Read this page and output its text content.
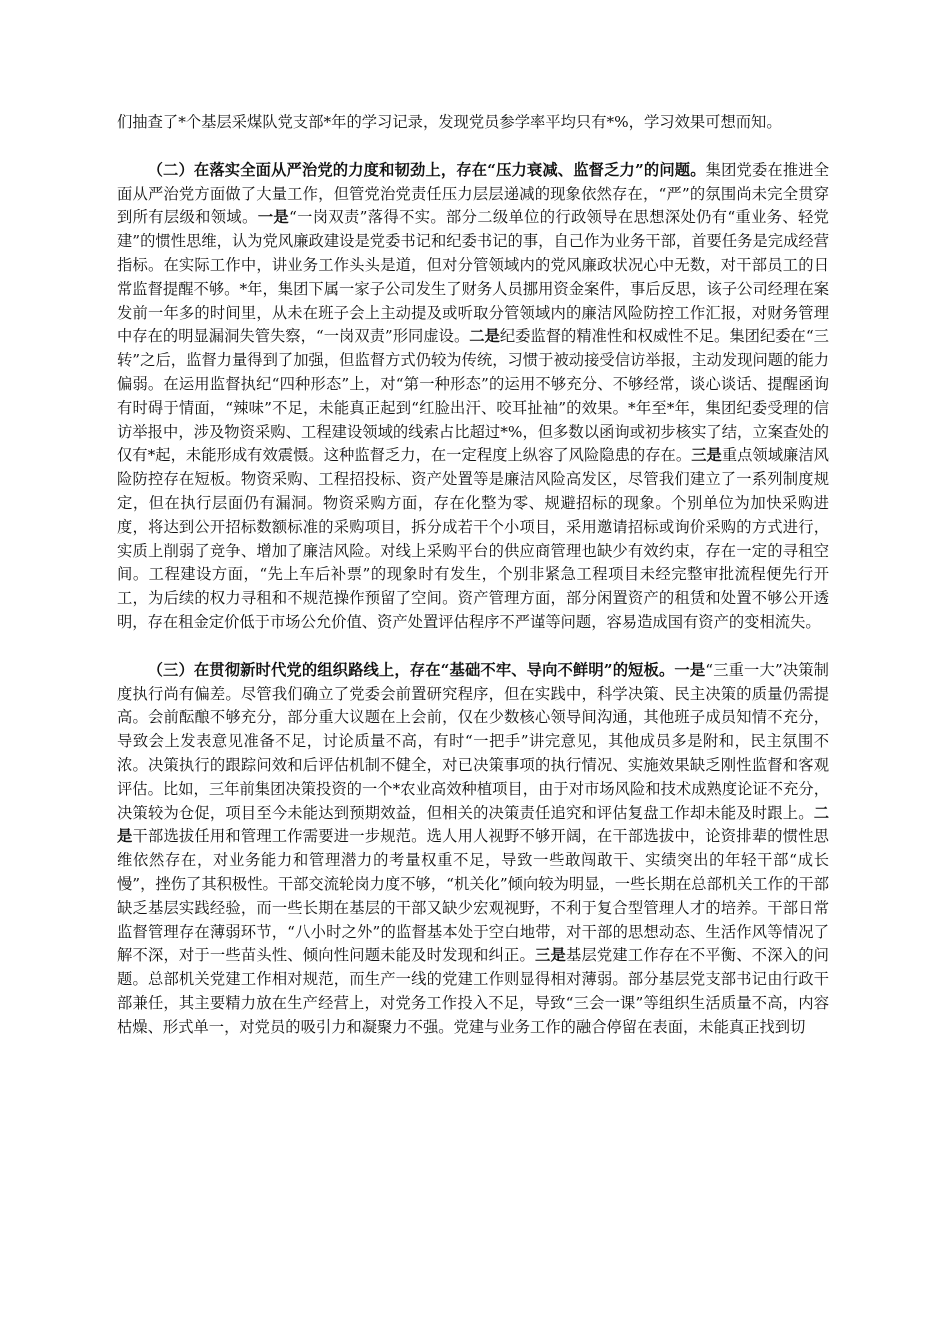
们抽查了*个基层采煤队党支部*年的学习记录，发现党员参学率平均只有*%，学习效果可想而知。

（二）在落实全面从严治党的力度和韧劲上，存在“压力衰减、监督乏力”的问题。集团党委在推进全面从严治党方面做了大量工作，但管党治党责任压力层层递减的现象依然存在，“严”的氛围尚未完全贯穿到所有层级和领域。一是“一岗双责”落得不实。部分二级单位的行政领导在思想深处仍有“重业务、轻党建”的惯性思维，认为党风廉政建设是党委书记和纪委书记的事，自己作为业务干部，首要任务是完成经营指标。在实际工作中，讲业务工作头头是道，但对分管领域内的党风廉政状况心中无数，对干部员工的日常监督提醒不够。*年，集团下属一家子公司发生了财务人员挪用资金案件，事后反思，该子公司经理在案发前一年多的时间里，从未在班子会上主动提及或听取分管领域内的廉洁风险防控工作汇报，对财务管理中存在的明显漏洞失管失察，“一岗双责”形同虚设。二是纪委监督的精准性和权威性不足。集团纪委在“三转”之后，监督力量得到了加强，但监督方式仍较为传统，习惯于被动接受信访举报，主动发现问题的能力偏弱。在运用监督执纪“四种形态”上，对“第一种形态”的运用不够充分、不够经常，谈心谈话、提醒函询有时碍于情面，“辣味”不足，未能真正起到“红脸出汗、咬耳扯袖”的效果。*年至*年，集团纪委受理的信访举报中，涉及物资采购、工程建设领域的线索占比超过*%，但多数以函询或初步核实了结，立案查处的仅有*起，未能形成有效震慑。这种监督乏力，在一定程度上纵容了风险隐患的存在。三是重点领域廉洁风险防控存在短板。物资采购、工程招投标、资产处置等是廉洁风险高发区，尽管我们建立了一系列制度规定，但在执行层面仍有漏洞。物资采购方面，存在化整为零、规避招标的现象。个别单位为加快采购进度，将达到公开招标数额标准的采购项目，拆分成若干个小项目，采用邀请招标或询价采购的方式进行，实质上削弱了竞争、增加了廉洁风险。对线上采购平台的供应商管理也缺少有效约束，存在一定的寻租空间。工程建设方面，“先上车后补票”的现象时有发生，个别非紧急工程项目未经完整审批流程便先行开工，为后续的权力寻租和不规范操作预留了空间。资产管理方面，部分闲置资产的租赁和处置不够公开透明，存在租金定价低于市场公允价值、资产处置评估程序不严谨等问题，容易造成国有资产的变相流失。

（三）在贯彻新时代党的组织路线上，存在“基础不牢、导向不鲜明”的短板。一是“三重一大”决策制度执行尚有偏差。尽管我们确立了党委会前置研究程序，但在实践中，科学决策、民主决策的质量仍需提高。会前酝酿不够充分，部分重大议题在上会前，仅在少数核心领导间沟通，其他班子成员知情不充分，导致会上发表意见准备不足，讨论质量不高，有时“一把手”讲完意见，其他成员多是附和，民主氛围不浓。决策执行的跟踪问效和后评估机制不健全，对已决策事项的执行情况、实施效果缺乏刚性监督和客观评估。比如，三年前集团决策投资的一个*农业高效种植项目，由于对市场风险和技术成熟度论证不充分，决策较为仓促，项目至今未能达到预期效益，但相关的决策责任追究和评估复盘工作却未能及时跟上。二是干部选拔任用和管理工作需要进一步规范。选人用人视野不够开阔，在干部选拔中，论资排辈的惯性思维依然存在，对业务能力和管理潜力的考量权重不足，导致一些敢闯敢干、实绩突出的年轻干部“成长慢”，挫伤了其积极性。干部交流轮岗力度不够，“机关化”倾向较为明显，一些长期在总部机关工作的干部缺乏基层实践经验，而一些长期在基层的干部又缺少宏观视野，不利于复合型管理人才的培养。干部日常监督管理存在薄弱环节，“八小时之外”的监督基本处于空白地带，对干部的思想动态、生活作风等情况了解不深，对于一些苗头性、倾向性问题未能及时发现和纠正。三是基层党建工作存在不平衡、不深入的问题。总部机关党建工作相对规范，而生产一线的党建工作则显得相对薄弱。部分基层党支部书记由行政干部兼任，其主要精力放在生产经营上，对党务工作投入不足，导致“三会一课”等组织生活质量不高，内容枯燥、形式单一，对党员的吸引力和凝聚力不强。党建与业务工作的融合停留在表面，未能真正找到切
